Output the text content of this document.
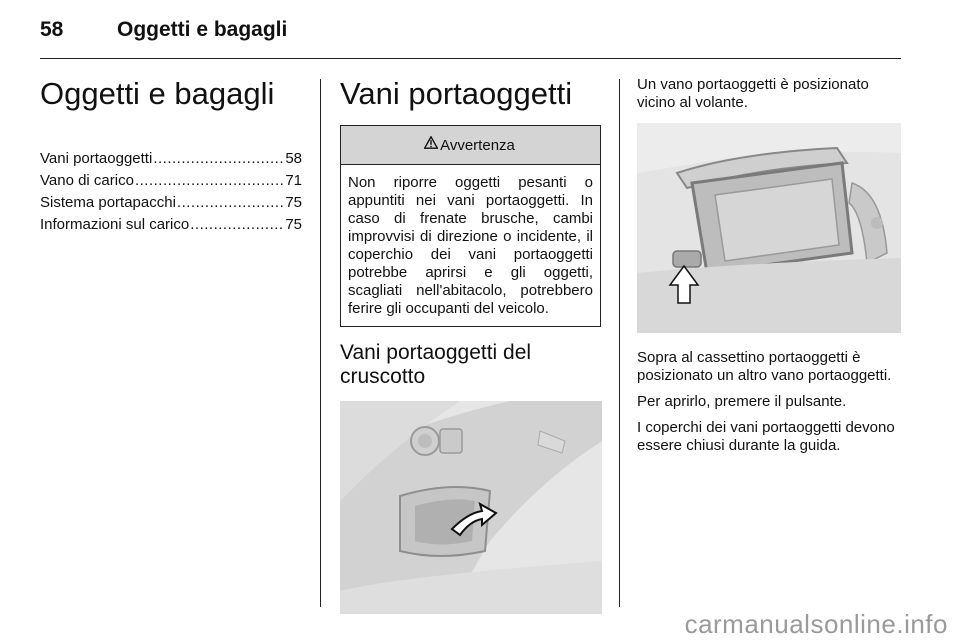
58	Oggetti e bagagli
Oggetti e bagagli
Vani portaoggetti .....	58
Vano di carico .....	71
Sistema portapacchi .....	75
Informazioni sul carico .....	75
Vani portaoggetti
Avvertenza
Non riporre oggetti pesanti o appuntiti nei vani portaoggetti. In caso di frenate brusche, cambi improvvisi di direzione o incidente, il coperchio dei vani portaoggetti potrebbe aprirsi e gli oggetti, scagliati nell'abitacolo, potrebbero ferire gli occupanti del veicolo.
Vani portaoggetti del cruscotto

Un vano portaoggetti è posizionato vicino al volante.

Sopra al cassettino portaoggetti è posizionato un altro vano portaoggetti.

Per aprirlo, premere il pulsante.

I coperchi dei vani portaoggetti devono essere chiusi durante la guida.

carmanualsonline.info
